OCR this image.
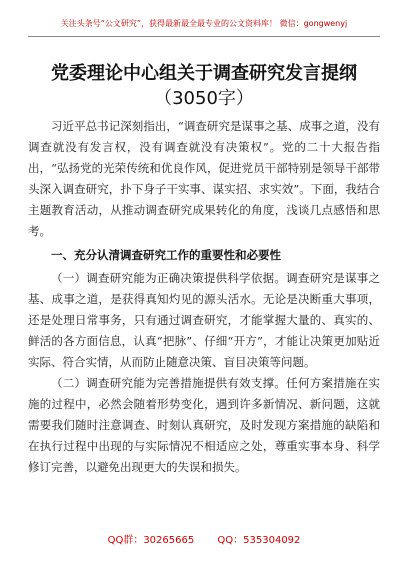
关注头条号“公文研究”，获得最新最全最专业的公文资料库！ 微信：gongwenyj
党委理论中心组关于调查研究发言提纲
（3050字）

习近平总书记深刻指出，“调查研究是谋事之基、成事之道，没有调查就没有发言权，没有调查就没有决策权”。党的二十大报告指出，“弘扬党的光荣传统和优良作风，促进党员干部特别是领导干部带头深入调查研究，扑下身子干实事、谋实招、求实效”。下面，我结合主题教育活动，从推动调查研究成果转化的角度，浅谈几点感悟和思考。

一、充分认清调查研究工作的重要性和必要性

（一）调查研究能为正确决策提供科学依据。调查研究是谋事之基、成事之道，是获得真知灼见的源头活水。无论是决断重大事项，还是处理日常事务，只有通过调查研究，才能掌握大量的、真实的、鲜活的各方面信息，认真“把脉”、仔细“开方”，才能让决策更加贴近实际、符合实情，从而防止随意决策、盲目决策等问题。

（二）调查研究能为完善措施提供有效支撑。任何方案措施在实施的过程中，必然会随着形势变化，遇到许多新情况、新问题，这就需要我们随时注意调查、时刻认真研究，及时发现方案措施的缺陷和在执行过程中出现的与实际情况不相适应之处，尊重实事本身、科学修订完善，以避免出现更大的失误和损失。

QQ群：30265665 QQ：535304092
